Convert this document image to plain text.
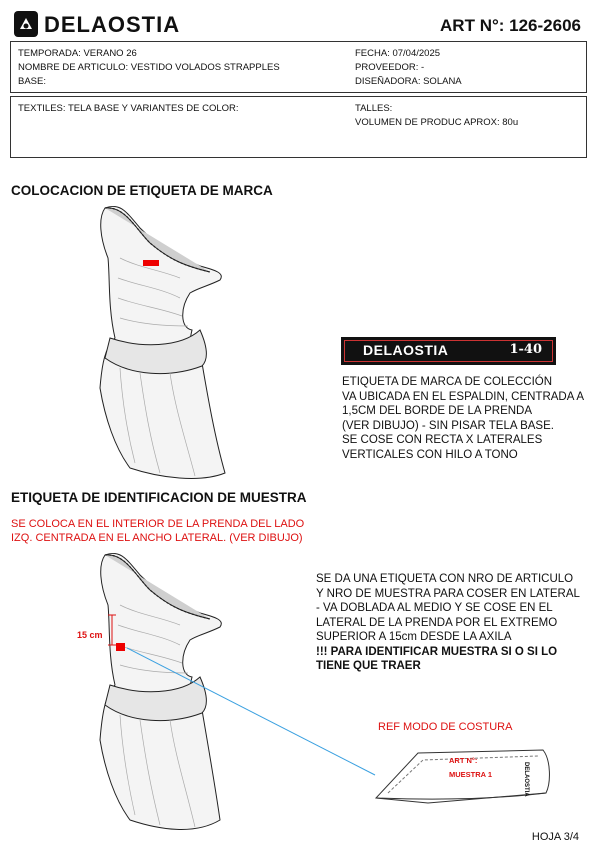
DELAOSTIA	ART N°: 126-2606
TEMPORADA: VERANO 26
NOMBRE DE ARTICULO: VESTIDO VOLADOS STRAPPLES
BASE:
FECHA: 07/04/2025
PROVEEDOR: -
DISEÑADORA: SOLANA
TEXTILES: TELA BASE Y VARIANTES DE COLOR:	TALLES:
VOLUMEN DE PRODUC APROX: 80u
COLOCACION DE ETIQUETA DE MARCA
DELAOSTIA	1-40
ETIQUETA DE MARCA DE COLECCIÓN
VA UBICADA EN EL ESPALDIN, CENTRADA A
1,5CM DEL BORDE DE LA PRENDA
(VER DIBUJO) - SIN PISAR TELA BASE.
SE COSE CON RECTA X LATERALES
VERTICALES CON HILO A TONO
ETIQUETA DE IDENTIFICACION DE MUESTRA
SE COLOCA EN EL INTERIOR DE LA PRENDA DEL LADO
IZQ. CENTRADA EN EL ANCHO LATERAL. (VER DIBUJO)
15 cm
SE DA UNA ETIQUETA CON NRO DE ARTICULO
Y NRO DE MUESTRA PARA COSER EN LATERAL
- VA DOBLADA AL MEDIO Y SE COSE EN EL
LATERAL DE LA PRENDA POR EL EXTREMO
SUPERIOR A 15cm DESDE LA AXILA
!!! PARA IDENTIFICAR MUESTRA SI O SI LO
TIENE QUE TRAER
REF MODO DE COSTURA
ART N°:
MUESTRA 1	DELAOSTIA
HOJA 3/4
